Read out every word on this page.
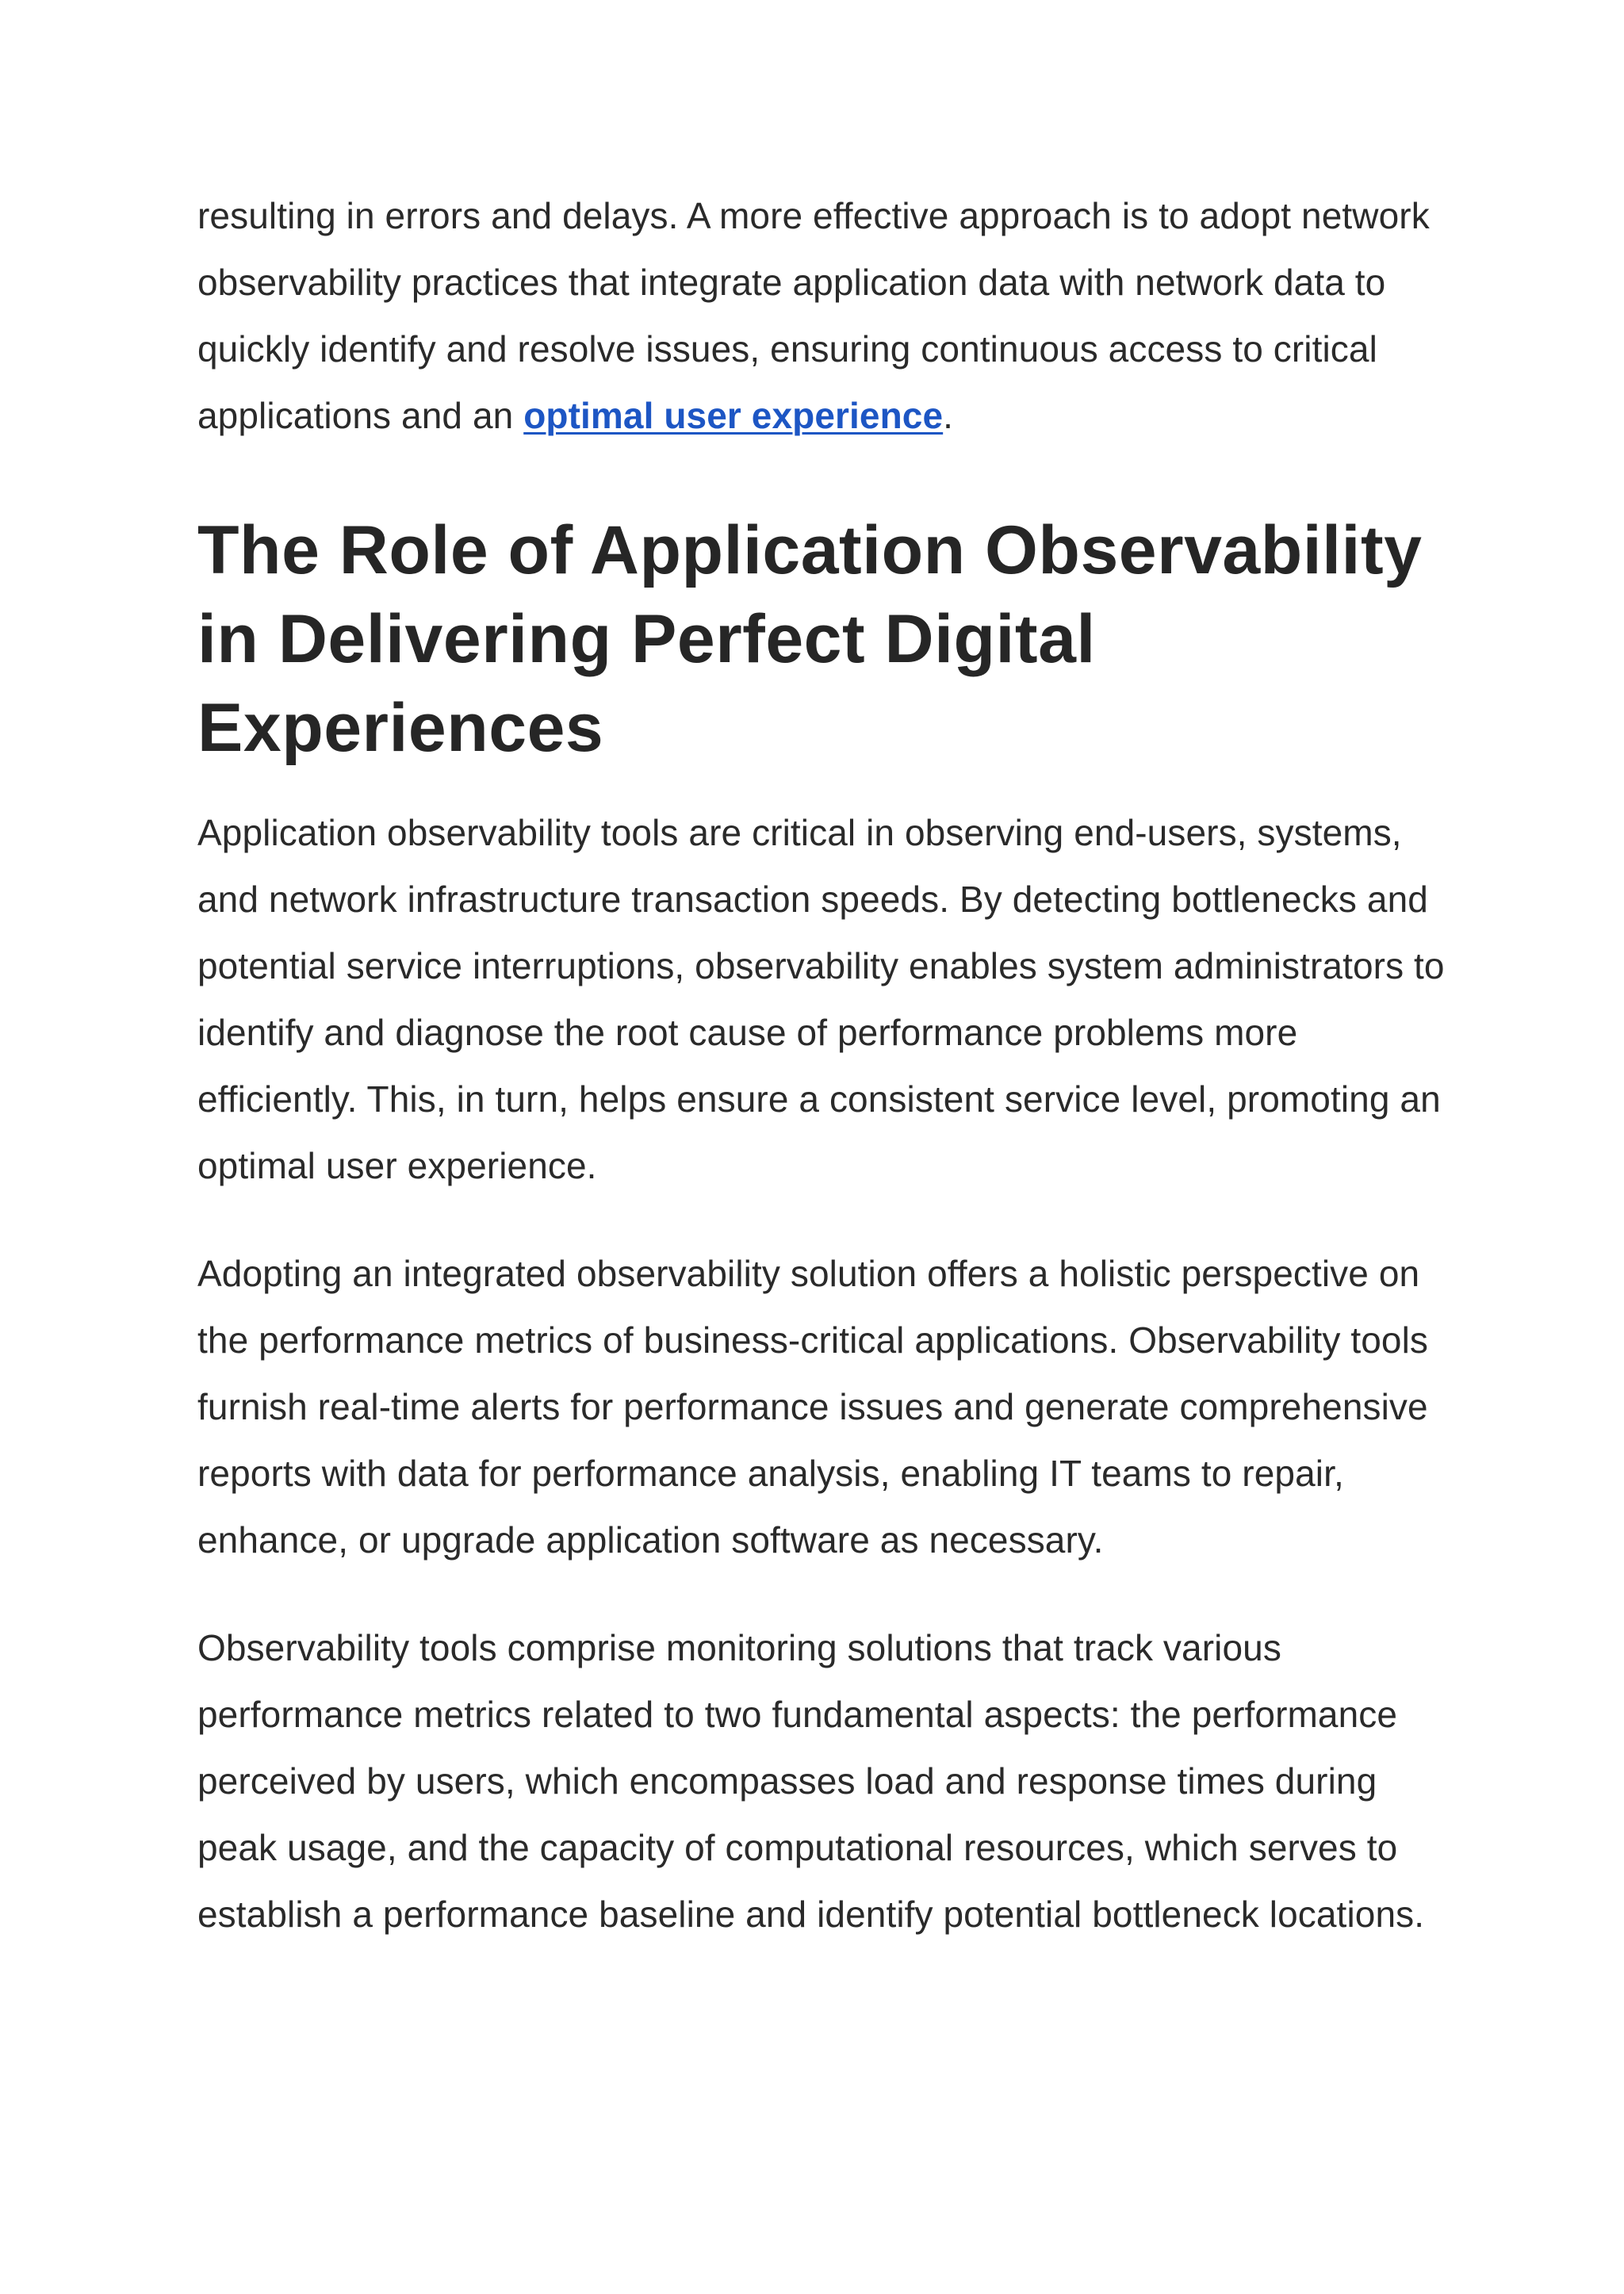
resulting in errors and delays. A more effective approach is to adopt network observability practices that integrate application data with network data to quickly identify and resolve issues, ensuring continuous access to critical applications and an optimal user experience.

The Role of Application Observability in Delivering Perfect Digital Experiences

Application observability tools are critical in observing end-users, systems, and network infrastructure transaction speeds. By detecting bottlenecks and potential service interruptions, observability enables system administrators to identify and diagnose the root cause of performance problems more efficiently. This, in turn, helps ensure a consistent service level, promoting an optimal user experience.

Adopting an integrated observability solution offers a holistic perspective on the performance metrics of business-critical applications. Observability tools furnish real-time alerts for performance issues and generate comprehensive reports with data for performance analysis, enabling IT teams to repair, enhance, or upgrade application software as necessary.

Observability tools comprise monitoring solutions that track various performance metrics related to two fundamental aspects: the performance perceived by users, which encompasses load and response times during peak usage, and the capacity of computational resources, which serves to establish a performance baseline and identify potential bottleneck locations.
